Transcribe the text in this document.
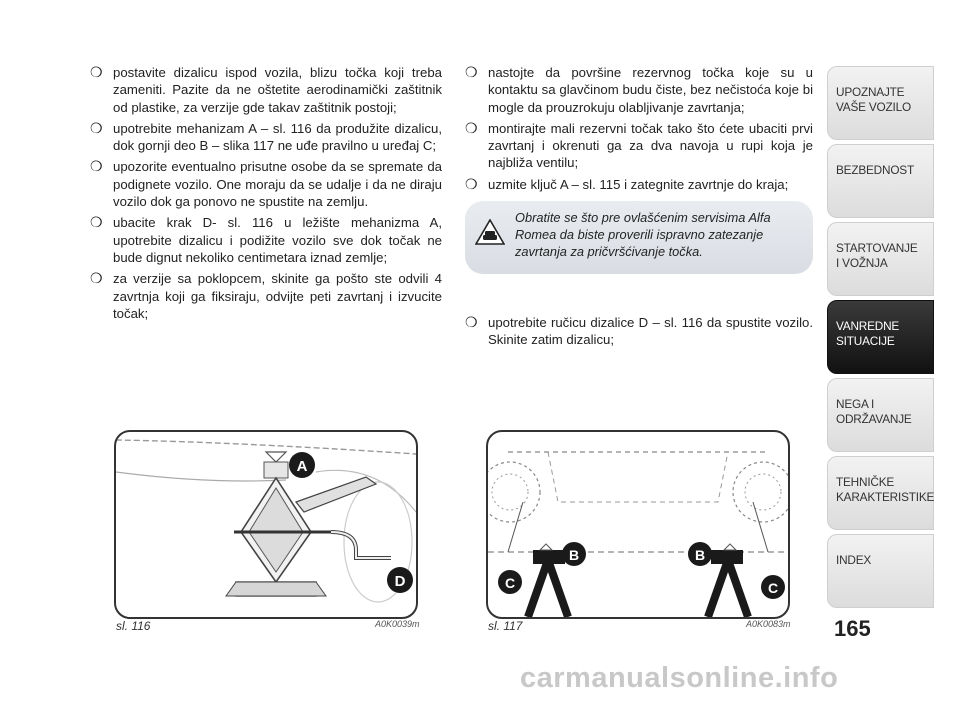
❍ postavite dizalicu ispod vozila, blizu točka koji treba zameniti. Pazite da ne oštetite aerodinamički zaštitnik od plastike, za verzije gde takav zaštitnik postoji;

❍ upotrebite mehanizam A – sl. 116 da produžite dizalicu, dok gornji deo B – slika 117 ne uđe pravilno u uređaj C;

❍ upozorite eventualno prisutne osobe da se spremate da podignete vozilo. One moraju da se udalje i da ne diraju vozilo dok ga ponovo ne spustite na zemlju.

❍ ubacite krak D- sl. 116 u ležište mehanizma A, upotrebite dizalicu i podižite vozilo sve dok točak ne bude dignut nekoliko centimetara iznad zemlje;

❍ za verzije sa poklopcem, skinite ga pošto ste odvili 4 zavrtnja koji ga fiksiraju, odvijte peti zavrtanj i izvucite točak;

❍ nastojte da površine rezervnog točka koje su u kontaktu sa glavčinom budu čiste, bez nečistoća koje bi mogle da prouzrokuju olabljivanje zavrtanja;

❍ montirajte mali rezervni točak tako što ćete ubaciti prvi zavrtanj i okrenuti ga za dva navoja u rupi koja je najbliža ventilu;

❍ uzmite ključ A – sl. 115 i zategnite zavrtnje do kraja;

Obratite se što pre ovlašćenim servisima Alfa Romea da biste proverili ispravno zatezanje zavrtanja za pričvršćivanje točka.

❍ upotrebite ručicu dizalice D – sl. 116 da spustite vozilo. Skinite zatim dizalicu;

A
D
sl. 116	A0K0039m
B
C
B
C
sl. 117	A0K0083m
UPOZNAJTE
VAŠE VOZILO
BEZBEDNOST
STARTOVANJE
I VOŽNJA
VANREDNE
SITUACIJE
NEGA I
ODRŽAVANJE
TEHNIČKE
KARAKTERISTIKE
INDEX
165
carmanualsonline.info
